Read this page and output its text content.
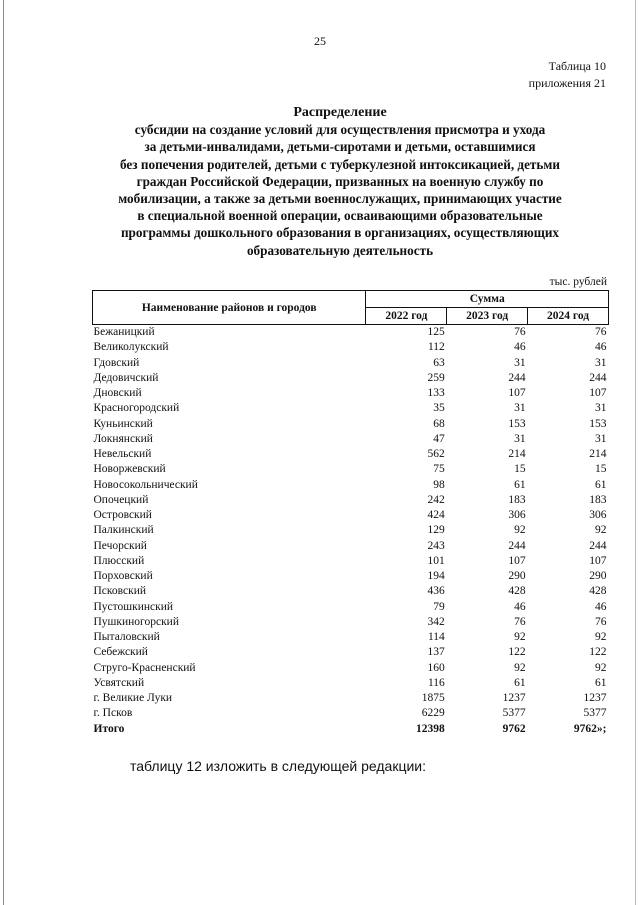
25
Таблица 10
приложения 21
Распределение
субсидии на создание условий для осуществления присмотра и ухода
за детьми-инвалидами, детьми-сиротами и детьми, оставшимися
без попечения родителей, детьми с туберкулезной интоксикацией, детьми
граждан Российской Федерации, призванных на военную службу по
мобилизации, а также за детьми военнослужащих, принимающих участие
в специальной военной операции, осваивающими образовательные
программы дошкольного образования в организациях, осуществляющих
образовательную деятельность
тыс. рублей
Наименование районов и городов	Сумма		
	2022 год	2023 год	2024 год
Бежаницкий	125	76	76
Великолукский	112	46	46
Гдовский	63	31	31
Дедовичский	259	244	244
Дновский	133	107	107
Красногородский	35	31	31
Куньинский	68	153	153
Локнянский	47	31	31
Невельский	562	214	214
Новоржевский	75	15	15
Новосокольнический	98	61	61
Опочецкий	242	183	183
Островский	424	306	306
Палкинский	129	92	92
Печорский	243	244	244
Плюсский	101	107	107
Порховский	194	290	290
Псковский	436	428	428
Пустошкинский	79	46	46
Пушкиногорский	342	76	76
Пыталовский	114	92	92
Себежский	137	122	122
Струго-Красненский	160	92	92
Усвятский	116	61	61
г. Великие Луки	1875	1237	1237
г. Псков	6229	5377	5377
Итого	12398	9762	9762»;
таблицу 12 изложить в следующей редакции:
